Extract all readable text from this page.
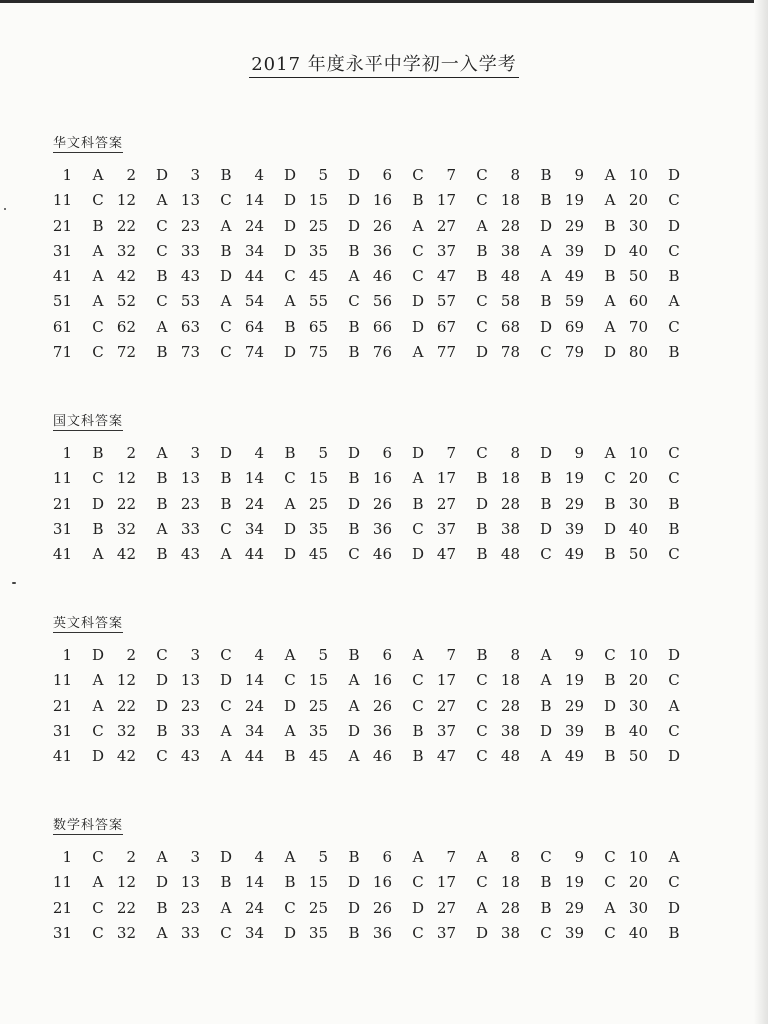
2017 年度永平中学初一入学考
华文科答案
1 A	2 D	3 B	4 D	5 D	6 C	7 C	8 B	9 A 10 D
11 C 12 A 13 C 14 D 15 D 16 B 17 C 18 B 19 A 20 C
21 B 22 C 23 A 24 D 25 D 26 A 27 A 28 D 29 B 30 D
31 A 32 C 33 B 34 D 35 B 36 C 37 B 38 A 39 D 40 C
41 A 42 B 43 D 44 C 45 A 46 C 47 B 48 A 49 B 50 B
51 A 52 C 53 A 54 A 55 C 56 D 57 C 58 B 59 A 60 A
61 C 62 A 63 C 64 B 65 B 66 D 67 C 68 D 69 A 70 C
71 C 72 B 73 C 74 D 75 B 76 A 77 D 78 C 79 D 80 B
国文科答案
1 B	2 A	3 D	4 B	5 D	6 D	7 C	8 D	9 A 10 C
11 C 12 B 13 B 14 C 15 B 16 A 17 B 18 B 19 C 20 C
21 D 22 B 23 B 24 A 25 D 26 B 27 D 28 B 29 B 30 B
31 B 32 A 33 C 34 D 35 B 36 C 37 B 38 D 39 D 40 B
41 A 42 B 43 A 44 D 45 C 46 D 47 B 48 C 49 B 50 C
英文科答案
1 D	2 C	3 C	4 A	5 B	6 A	7 B	8 A	9 C 10 D
11 A 12 D 13 D 14 C 15 A 16 C 17 C 18 A 19 B 20 C
21 A 22 D 23 C 24 D 25 A 26 C 27 C 28 B 29 D 30 A
31 C 32 B 33 A 34 A 35 D 36 B 37 C 38 D 39 B 40 C
41 D 42 C 43 A 44 B 45 A 46 B 47 C 48 A 49 B 50 D
数学科答案
1 C	2 A	3 D	4 A	5 B	6 A	7 A	8 C	9 C 10 A
11 A 12 D 13 B 14 B 15 D 16 C 17 C 18 B 19 C 20 C
21 C 22 B 23 A 24 C 25 D 26 D 27 A 28 B 29 A 30 D
31 C 32 A 33 C 34 D 35 B 36 C 37 D 38 C 39 C 40 B
